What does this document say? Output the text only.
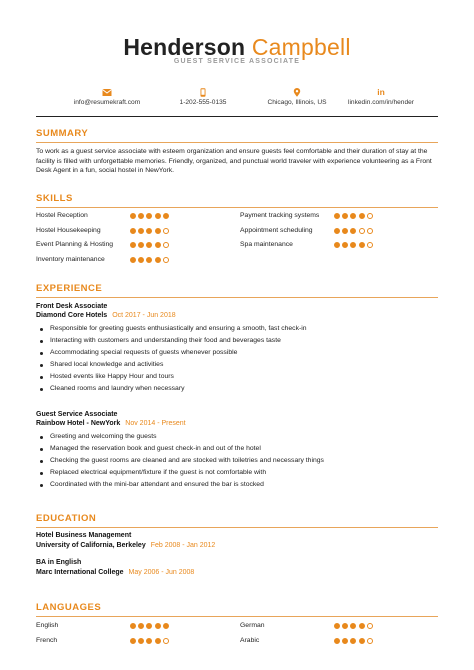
Henderson Campbell
GUEST SERVICE ASSOCIATE
info@resumekraft.com	1-202-555-0135	Chicago, Illinois, US
in
linkedin.com/in/hender
SUMMARY
To work as a guest service associate with esteem organization and ensure guests feel comfortable and their duration of stay at the facility is filled with unforgettable memories. Friendly, organized, and punctual world traveler with experience volunteering as a Front Desk Agent in a fun, social hostel in NewYork.
SKILLS
Hostel Reception	Payment tracking systems
Hostel Housekeeping	Appointment scheduling
Event Planning & Hosting	Spa maintenance
Inventory maintenance
EXPERIENCE
Front Desk Associate
Diamond Core Hotels Oct 2017 - Jun 2018
Responsible for greeting guests enthusiastically and ensuring a smooth, fast check-in
Interacting with customers and understanding their food and beverages taste
Accommodating special requests of guests whenever possible
Shared local knowledge and activities
Hosted events like Happy Hour and tours
Cleaned rooms and laundry when necessary
Guest Service Associate
Rainbow Hotel - NewYork Nov 2014 - Present
Greeting and welcoming the guests
Managed the reservation book and guest check-in and out of the hotel
Checking the guest rooms are cleaned and are stocked with toiletries and necessary things
Replaced electrical equipment/fixture if the guest is not comfortable with
Coordinated with the mini-bar attendant and ensured the bar is stocked
EDUCATION
Hotel Business Management
University of California, Berkeley Feb 2008 - Jan 2012
BA in English
Marc International College May 2006 - Jun 2008
LANGUAGES
English	German
French	Arabic
